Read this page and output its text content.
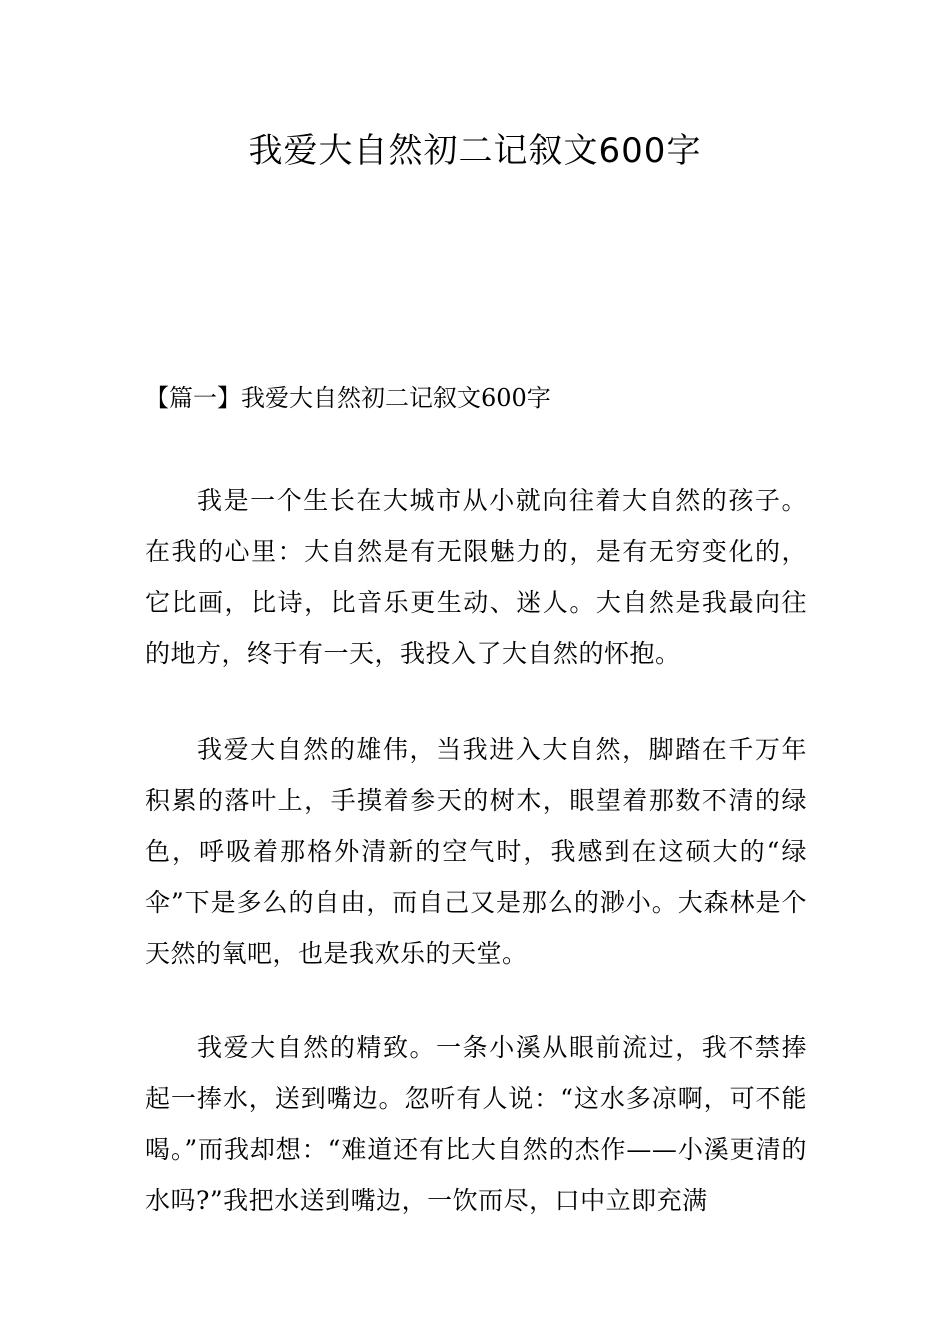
我爱大自然初二记叙文600字
【篇一】我爱大自然初二记叙文600字

我是一个生长在大城市从小就向往着大自然的孩子。在我的心里：大自然是有无限魅力的，是有无穷变化的，它比画，比诗，比音乐更生动、迷人。大自然是我最向往的地方，终于有一天，我投入了大自然的怀抱。

我爱大自然的雄伟，当我进入大自然，脚踏在千万年积累的落叶上，手摸着参天的树木，眼望着那数不清的绿色，呼吸着那格外清新的空气时，我感到在这硕大的“绿伞”下是多么的自由，而自己又是那么的渺小。大森林是个天然的氧吧，也是我欢乐的天堂。

我爱大自然的精致。一条小溪从眼前流过，我不禁捧起一捧水，送到嘴边。忽听有人说：“这水多凉啊，可不能喝。”而我却想：“难道还有比大自然的杰作——小溪更清的水吗?”我把水送到嘴边，一饮而尽，口中立即充满
